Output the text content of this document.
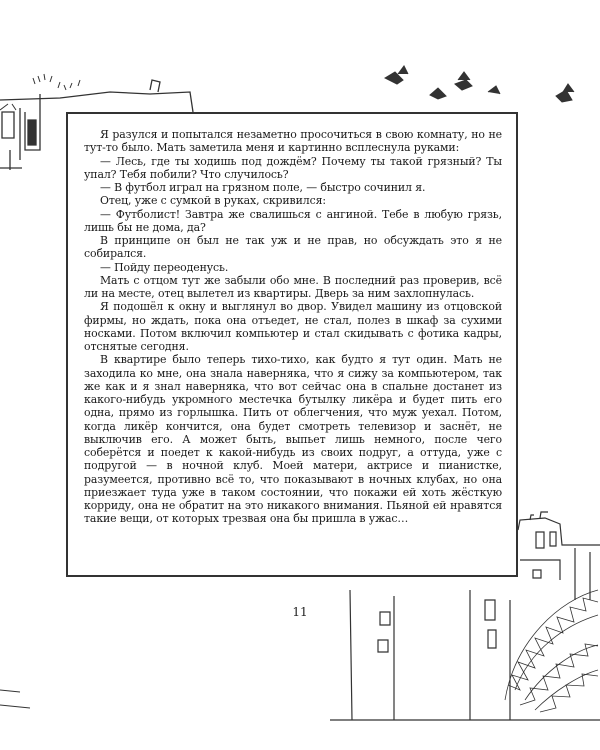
Я разулся и попытался незаметно просочиться в свою комнату, но не тут-то было. Мать заметила меня и картинно всплеснула руками:

— Лесь, где ты ходишь под дождём? Почему ты такой грязный? Ты упал? Тебя побили? Что случилось?

— В футбол играл на грязном поле, — быстро сочинил я.

Отец, уже с сумкой в руках, скривился:

— Футболист! Завтра же свалишься с ангиной. Тебе в любую грязь, лишь бы не дома, да?

В принципе он был не так уж и не прав, но обсуждать это я не собирался.

— Пойду переоденусь.

Мать с отцом тут же забыли обо мне. В последний раз проверив, всё ли на месте, отец вылетел из квартиры. Дверь за ним захлопнулась.

Я подошёл к окну и выглянул во двор. Увидел машину из отцовской фирмы, но ждать, пока она отъедет, не стал, полез в шкаф за сухими носками. Потом включил компьютер и стал скидывать с фотика кадры, отснятые сегодня.

В квартире было теперь тихо-тихо, как будто я тут один. Мать не заходила ко мне, она знала наверняка, что я сижу за компьютером, так же как и я знал наверняка, что вот сейчас она в спальне достанет из какого-нибудь укромного местечка бутылку ликёра и будет пить его одна, прямо из горлышка. Пить от облегчения, что муж уехал. Потом, когда ликёр кончится, она будет смотреть телевизор и заснёт, не выключив его. А может быть, выпьет лишь немного, после чего соберётся и поедет к какой-нибудь из своих подруг, а оттуда, уже с подругой — в ночной клуб. Моей матери, актрисе и пианистке, разумеется, противно всё то, что показывают в ночных клубах, но она приезжает туда уже в таком состоянии, что покажи ей хоть жёсткую корриду, она не обратит на это никакого внимания. Пьяной ей нравятся такие вещи, от которых трезвая она бы пришла в ужас…

11
